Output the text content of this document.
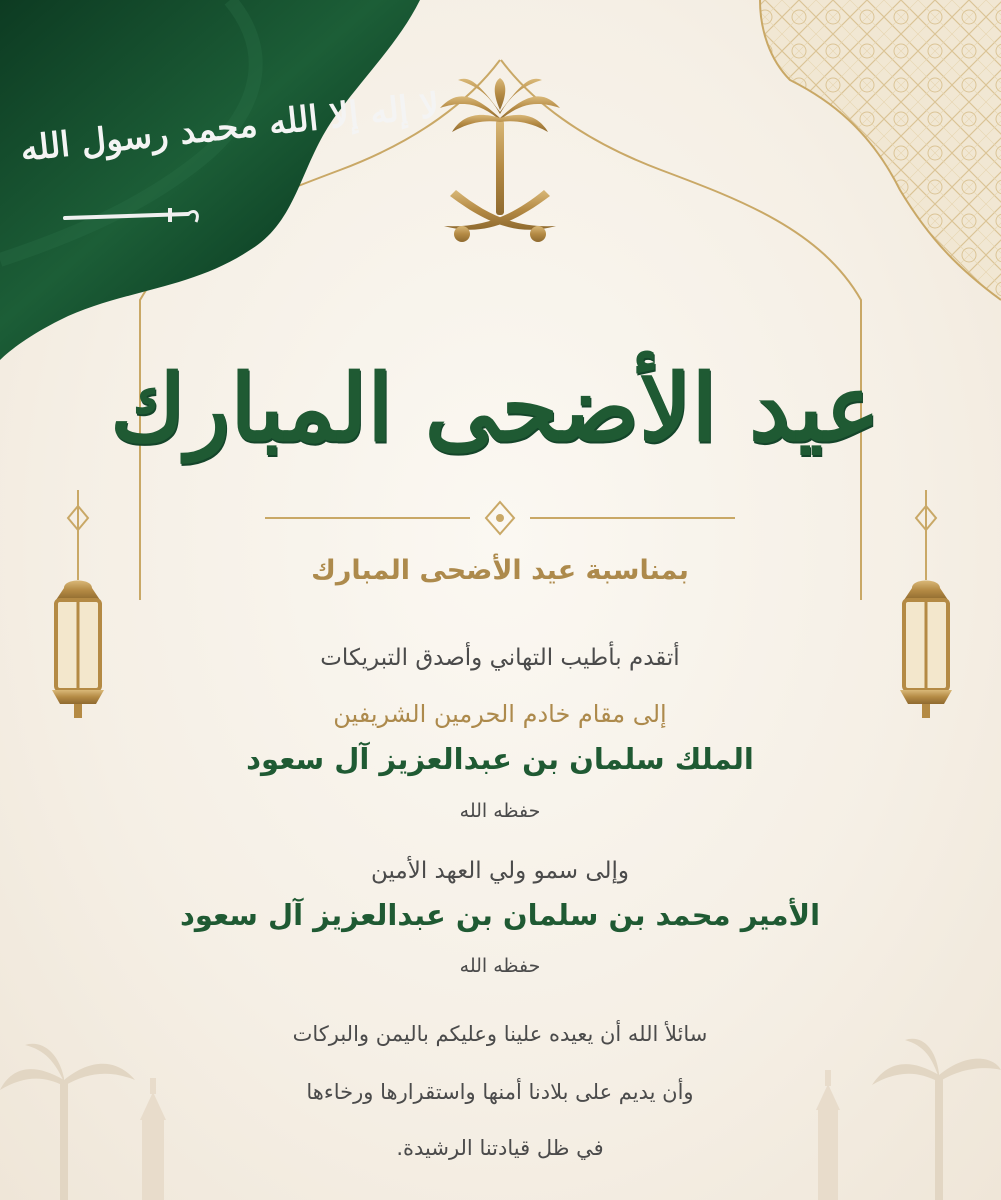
لا إله إلا الله محمد رسول الله
عيد الأضحى المبارك
بمناسبة عيد الأضحى المبارك
أتقدم بأطيب التهاني وأصدق التبريكات
إلى مقام خادم الحرمين الشريفين
الملك سلمان بن عبدالعزيز آل سعود
حفظه الله
وإلى سمو ولي العهد الأمين
الأمير محمد بن سلمان بن عبدالعزيز آل سعود
حفظه الله
سائلأ الله أن يعيده علينا وعليكم باليمن والبركات
وأن يديم على بلادنا أمنها واستقرارها ورخاءها
في ظل قيادتنا الرشيدة.
